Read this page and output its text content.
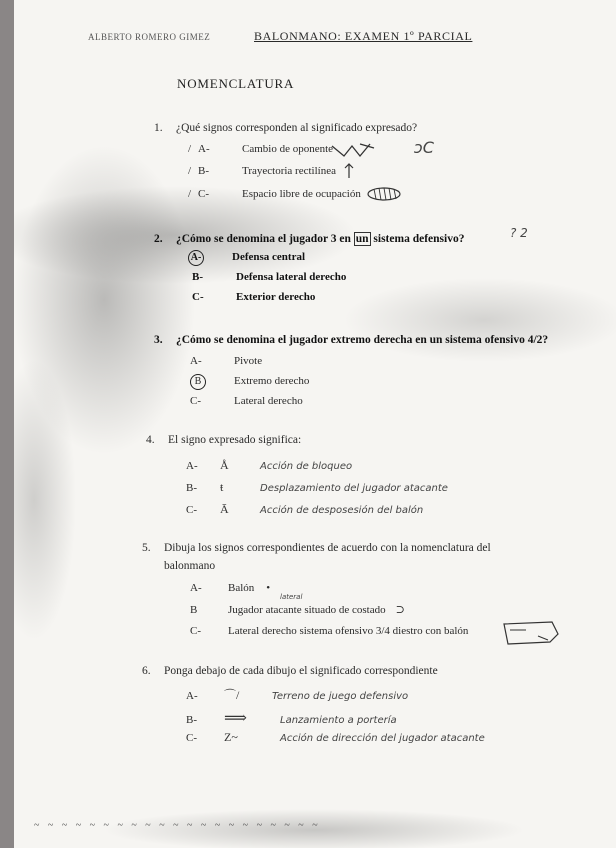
ALBERTO ROMERO GIMEZ	BALONMANO: EXAMEN 1º PARCIAL
NOMENCLATURA
1. ¿Qué signos corresponden al significado expresado?
/ A-	Cambio de oponente	ɔC
/ B-	Trayectoria rectilínea
/ C-	Espacio libre de ocupación
2. ¿Cómo se denomina el jugador 3 en un sistema defensivo?	? 2
A-	Defensa central
B-	Defensa lateral derecho
C-	Exterior derecho
3. ¿Cómo se denomina el jugador extremo derecha en un sistema ofensivo 4/2?
A-	Pivote
B	Extremo derecho
C-	Lateral derecho
4. El signo expresado significa:
A- Å	Acción de bloqueo
B- ŧ	Desplazamiento del jugador atacante
C- Ā	Acción de desposesión del balón
5. Dibuja los signos correspondientes de acuerdo con la nomenclatura del
balonmano
A- Balón •
lateral
B	Jugador atacante situado de costado ⊃
C- Lateral derecho sistema ofensivo 3/4 diestro con balón
6. Ponga debajo de cada dibujo el significado correspondiente
A- ⌒/	Terreno de juego defensivo
B- ⟹	Lanzamiento a portería
C- Z~	Acción de dirección del jugador atacante
~ ~ ~ ~ ~ ~ ~ ~ ~ ~ ~ ~ ~ ~ ~ ~ ~ ~ ~ ~ ~
